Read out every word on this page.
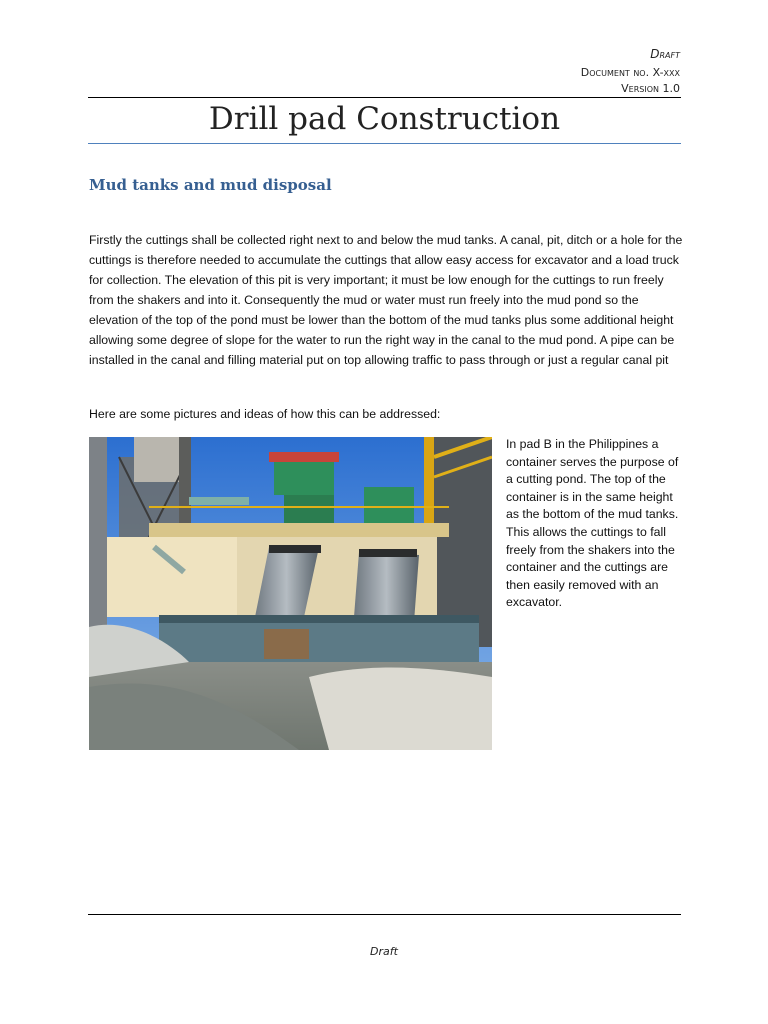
Draft
Document no. X-xxx
Version 1.0
Drill pad Construction
Mud tanks and mud disposal
Firstly the cuttings shall be collected right next to and below the mud tanks. A canal, pit, ditch or a hole for the cuttings is therefore needed to accumulate the cuttings that allow easy access for excavator and a load truck for collection. The elevation of this pit is very important; it must be low enough for the cuttings to run freely from the shakers and into it. Consequently the mud or water must run freely into the mud pond so the elevation of the top of the pond must be lower than the bottom of the mud tanks plus some additional height allowing some degree of slope for the water to run the right way in the canal to the mud pond. A pipe can be installed in the canal and filling material put on top allowing traffic to pass through or just a regular canal pit
Here are some pictures and ideas of how this can be addressed:
In pad B in the Philippines a container serves the purpose of a cutting pond. The top of the container is in the same height as the bottom of the mud tanks. This allows the cuttings to fall freely from the shakers into the container and the cuttings are then easily removed with an excavator.
Draft
